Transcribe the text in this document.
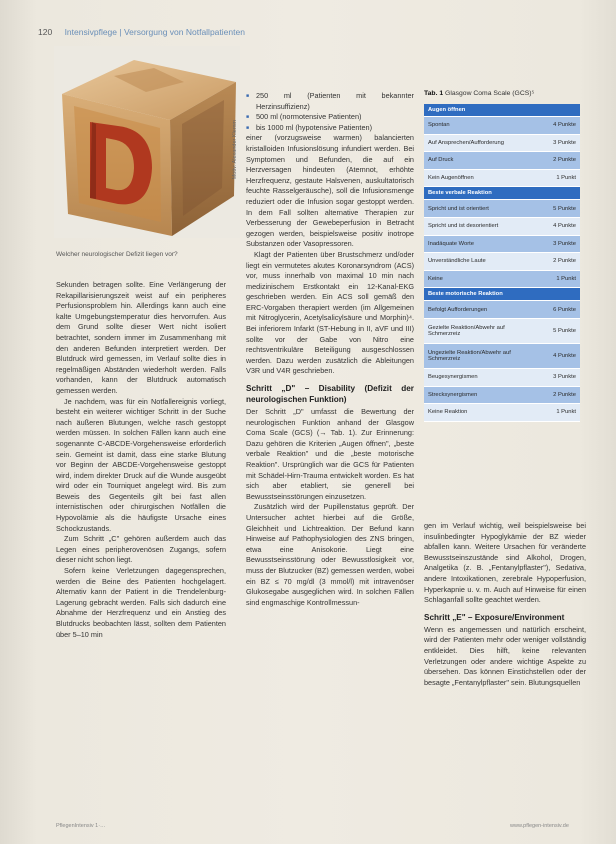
120 Intensivpflege | Versorgung von Notfallpatienten
Motiv: Alexander Klemm
Welcher neurologischer Defizit liegen vor?

Sekunden betragen sollte. Eine Verlängerung der Rekapillarisierungszeit weist auf ein peripheres Perfusionsproblem hin. Allerdings kann auch eine kalte Umgebungstemperatur dies hervorrufen. Aus dem Grund sollte dieser Wert nicht isoliert betrachtet, sondern immer im Zusammenhang mit den anderen Befunden interpretiert werden. Der Blutdruck wird gemessen, im Verlauf sollte dies in regelmäßigen Abständen wiederholt werden. Falls vorhanden, kann der Blutdruck automatisch gemessen werden.

Je nachdem, was für ein Notfallereignis vorliegt, besteht ein weiterer wichtiger Schritt in der Suche nach äußeren Blutungen, welche rasch gestoppt werden müssen. In solchen Fällen kann auch eine sogenannte C-ABCDE-Vorgehensweise erforderlich sein. Gemeint ist damit, dass eine starke Blutung vor Beginn der ABCDE-Vorgehensweise gestoppt wird, indem direkter Druck auf die Wunde ausgeübt wird oder ein Tourniquet angelegt wird. Bis zum Beweis des Gegenteils gilt bei fast allen internistischen oder chirurgischen Notfällen die Hypovolämie als die häufigste Ursache eines Schockzustands.

Zum Schritt „C" gehören außerdem auch das Legen eines peripherovenösen Zugangs, sofern dieser nicht schon liegt.

Sofern keine Verletzungen dagegensprechen, werden die Beine des Patienten hochgelagert. Alternativ kann der Patient in die Trendelenburg-Lagerung gebracht werden. Falls sich dadurch eine Abnahme der Herzfrequenz und ein Anstieg des Blutdrucks beobachten lässt, sollten dem Patienten über 5–10 min

■ 250 ml (Patienten mit bekannter Herzinsuffizienz)
■ 500 ml (normotensive Patienten)
■ bis 1000 ml (hypotensive Patienten)

einer (vorzugsweise warmen) balancierten kristalloiden Infusionslösung infundiert werden. Bei Symptomen und Befunden, die auf ein Herzversagen hindeuten (Atemnot, erhöhte Herzfrequenz, gestaute Halsvenen, auskultatorisch feuchte Rasselgeräusche), soll die Infusionsmenge reduziert oder die Infusion sogar gestoppt werden. In dem Fall sollten alternative Therapien zur Verbesserung der Gewebeperfusion in Betracht gezogen werden, beispielsweise positiv inotrope Substanzen oder Vasopressoren.

Klagt der Patienten über Brustschmerz und/oder liegt ein vermutetes akutes Koronarsyndrom (ACS) vor, muss innerhalb von maximal 10 min nach medizinischem Erstkontakt ein 12-Kanal-EKG geschrieben werden. Ein ACS soll gemäß den ERC-Vorgaben therapiert werden (im Allgemeinen mit Nitroglycerin, Acetylsalicylsäure und Morphin)⁴. Bei inferiorem Infarkt (ST-Hebung in II, aVF und III) sollte vor der Gabe von Nitro eine rechtsventrikuläre Beteiligung ausgeschlossen werden. Dazu werden zusätzlich die Ableitungen V3R und V4R geschrieben.

Schritt „D" – Disability (Defizit der neurologischen Funktion)

Der Schritt „D" umfasst die Bewertung der neurologischen Funktion anhand der Glasgow Coma Scale (GCS) (→ Tab. 1). Zur Erinnerung: Dazu gehören die Kriterien „Augen öffnen", „beste verbale Reaktion" und die „beste motorische Reaktion". Ursprünglich war die GCS für Patienten mit Schädel-Hirn-Trauma entwickelt worden. Es hat sich aber etabliert, sie generell bei Bewusstseinsstörungen einzusetzen.

Zusätzlich wird der Pupillenstatus geprüft. Der Untersucher achtet hierbei auf die Größe, Gleichheit und Lichtreaktion. Der Befund kann Hinweise auf Pathophysiologien des ZNS bringen, etwa eine Anisokorie. Liegt eine Bewusstseinsstörung oder Bewusstlosigkeit vor, muss der Blutzucker (BZ) gemessen werden, wobei ein BZ ≤ 70 mg/dl (3 mmol/l) mit intravenöser Glukosegabe ausgeglichen wird. In solchen Fällen sind engmaschige Kontrollmessun-

Tab. 1 Glasgow Coma Scale (GCS)⁵
Augen öffnen	
Spontan	4 Punkte
Auf Ansprechen/Aufforderung	3 Punkte
Auf Druck	2 Punkte
Kein Augenöffnen	1 Punkt
Beste verbale Reaktion	
Spricht und ist orientiert	5 Punkte
Spricht und ist desorientiert	4 Punkte
Inadäquate Worte	3 Punkte
Unverständliche Laute	2 Punkte
Keine	1 Punkt
Beste motorische Reaktion	
Befolgt Aufforderungen	6 Punkte
Gezielte Reaktion/Abwehr auf Schmerzreiz	5 Punkte
Ungezielte Reaktion/Abwehr auf Schmerzreiz	4 Punkte
Beugesynergismen	3 Punkte
Strecksynergismen	2 Punkte
Keine Reaktion	1 Punkt

gen im Verlauf wichtig, weil beispielsweise bei insulinbedingter Hypoglykämie der BZ wieder abfallen kann. Weitere Ursachen für veränderte Bewusstseinszustände sind Alkohol, Drogen, Analgetika (z. B. „Fentanylpflaster"), Sedativa, andere Intoxikationen, zerebrale Hypoperfusion, Hyperkapnie u. v. m. Auch auf Hinweise für einen Schlaganfall sollte geachtet werden.

Schritt „E" – Exposure/Environment

Wenn es angemessen und natürlich erscheint, wird der Patienten mehr oder weniger vollständig entkleidet. Dies hilft, keine relevanten Verletzungen oder andere wichtige Aspekte zu übersehen. Das können Einstichstellen oder der besagte „Fentanylpflaster" sein. Blutungsquellen

PflegenIntensiv 1·…	www.pflegen-intensiv.de
